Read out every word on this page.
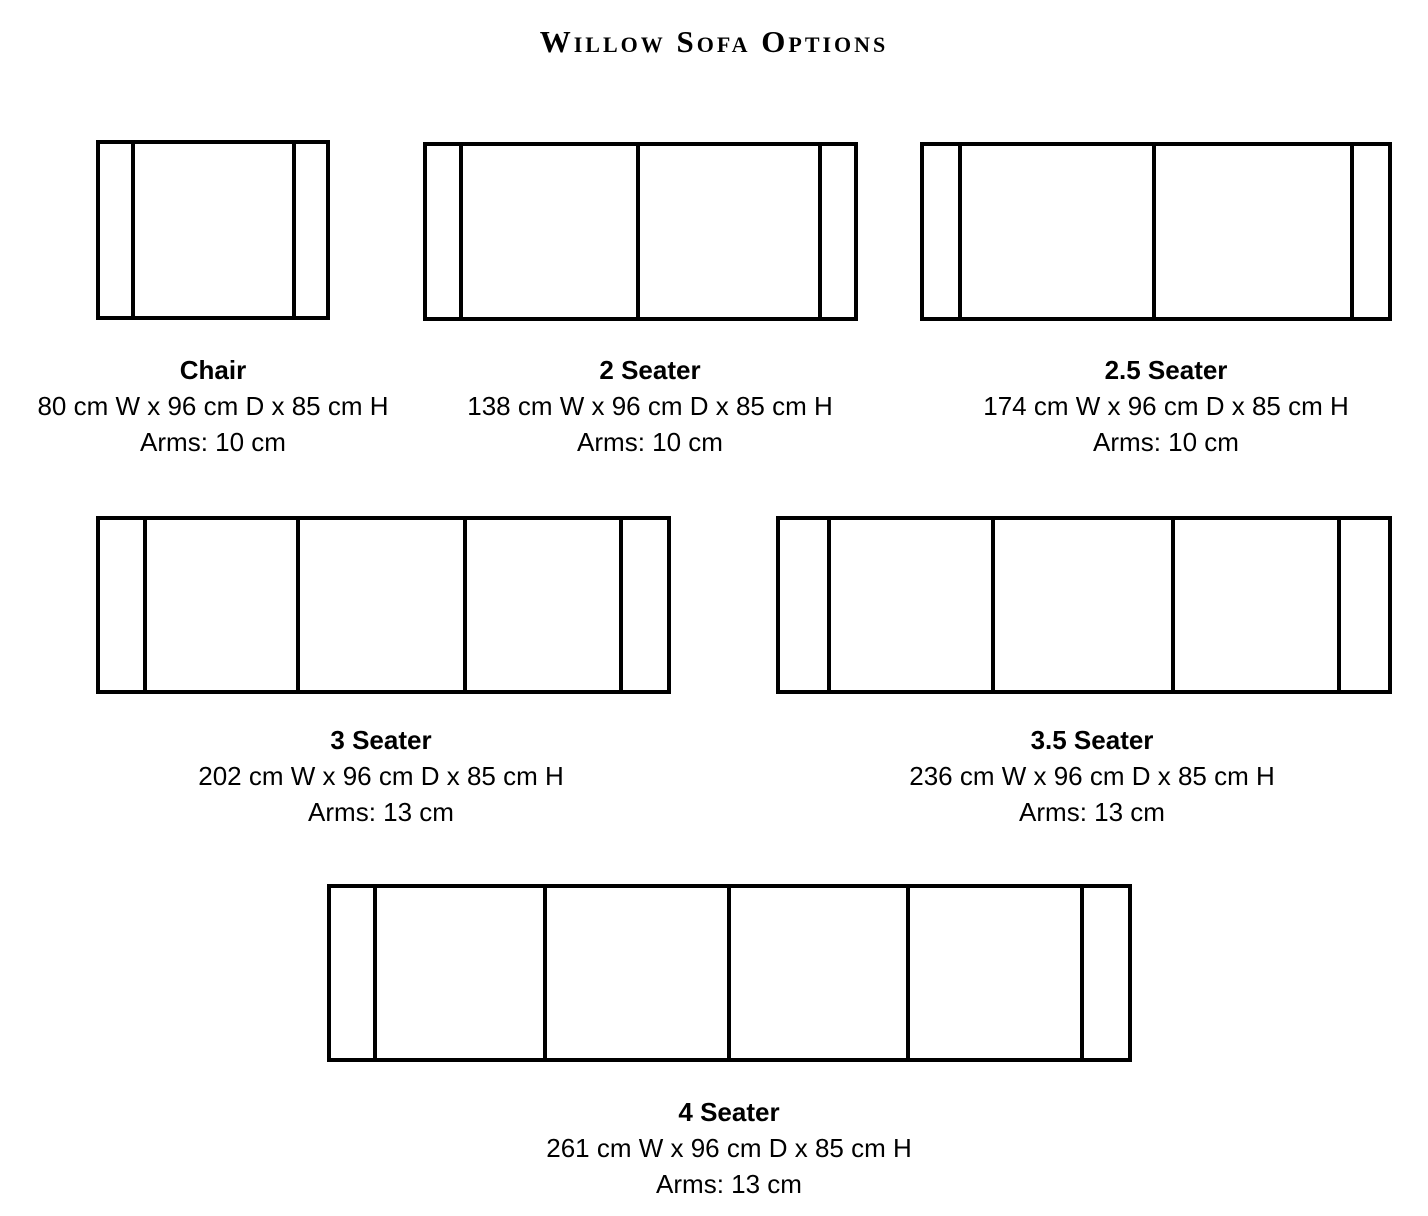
Willow Sofa Options
Chair
80 cm W x 96 cm D x 85 cm H
Arms: 10 cm
2 Seater
138 cm W x 96 cm D x 85 cm H
Arms: 10 cm
2.5 Seater
174 cm W x 96 cm D x 85 cm H
Arms: 10 cm
3 Seater
202 cm W x 96 cm D x 85 cm H
Arms: 13 cm
3.5 Seater
236 cm W x 96 cm D x 85 cm H
Arms: 13 cm
4 Seater
261 cm W x 96 cm D x 85 cm H
Arms: 13 cm
